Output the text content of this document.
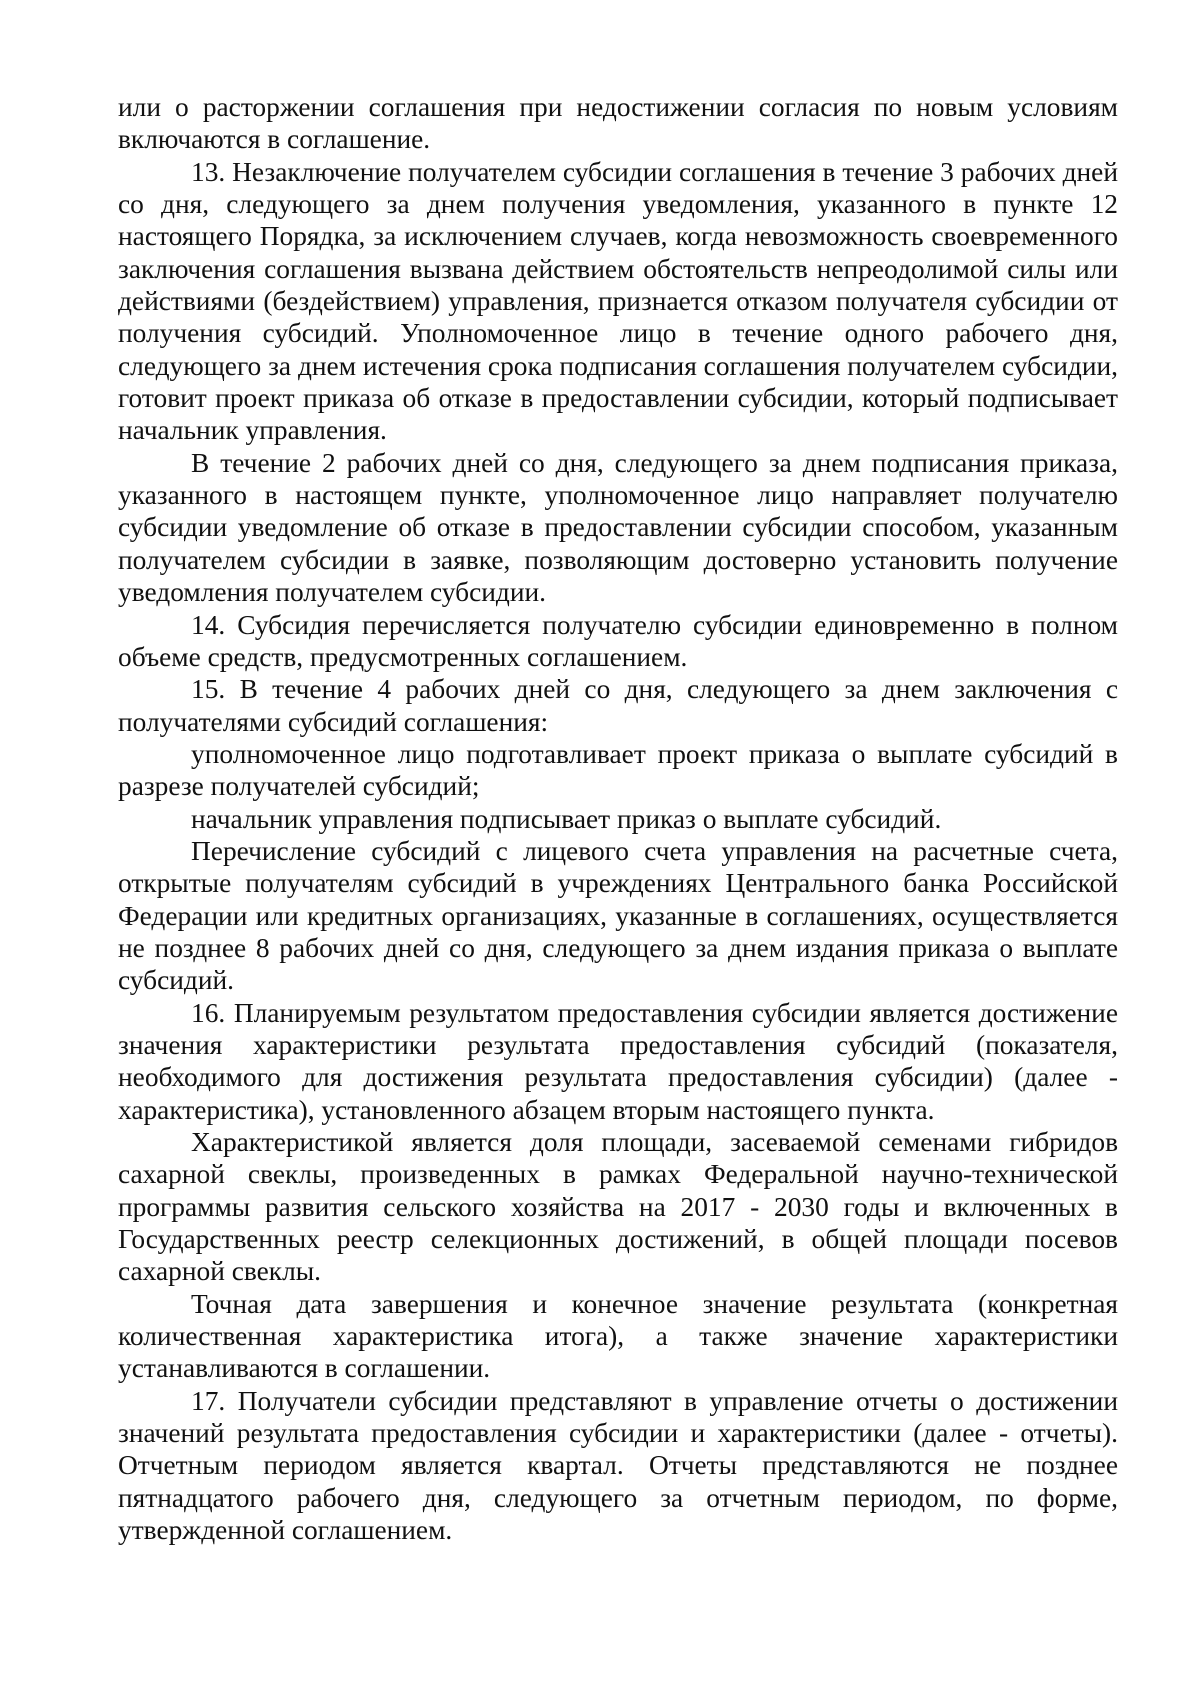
или о расторжении соглашения при недостижении согласия по новым условиям включаются в соглашение.

13. Незаключение получателем субсидии соглашения в течение 3 рабочих дней со дня, следующего за днем получения уведомления, указанного в пункте 12 настоящего Порядка, за исключением случаев, когда невозможность своевременного заключения соглашения вызвана действием обстоятельств непреодолимой силы или действиями (бездействием) управления, признается отказом получателя субсидии от получения субсидий. Уполномоченное лицо в течение одного рабочего дня, следующего за днем истечения срока подписания соглашения получателем субсидии, готовит проект приказа об отказе в предоставлении субсидии, который подписывает начальник управления.

В течение 2 рабочих дней со дня, следующего за днем подписания приказа, указанного в настоящем пункте, уполномоченное лицо направляет получателю субсидии уведомление об отказе в предоставлении субсидии способом, указанным получателем субсидии в заявке, позволяющим достоверно установить получение уведомления получателем субсидии.

14. Субсидия перечисляется получателю субсидии единовременно в полном объеме средств, предусмотренных соглашением.

15. В течение 4 рабочих дней со дня, следующего за днем заключения с получателями субсидий соглашения:

уполномоченное лицо подготавливает проект приказа о выплате субсидий в разрезе получателей субсидий;

начальник управления подписывает приказ о выплате субсидий.

Перечисление субсидий с лицевого счета управления на расчетные счета, открытые получателям субсидий в учреждениях Центрального банка Российской Федерации или кредитных организациях, указанные в соглашениях, осуществляется не позднее 8 рабочих дней со дня, следующего за днем издания приказа о выплате субсидий.

16. Планируемым результатом предоставления субсидии является достижение значения характеристики результата предоставления субсидий (показателя, необходимого для достижения результата предоставления субсидии) (далее - характеристика), установленного абзацем вторым настоящего пункта.

Характеристикой является доля площади, засеваемой семенами гибридов сахарной свеклы, произведенных в рамках Федеральной научно-технической программы развития сельского хозяйства на 2017 - 2030 годы и включенных в Государственных реестр селекционных достижений, в общей площади посевов сахарной свеклы.

Точная дата завершения и конечное значение результата (конкретная количественная характеристика итога), а также значение характеристики устанавливаются в соглашении.

17. Получатели субсидии представляют в управление отчеты о достижении значений результата предоставления субсидии и характеристики (далее - отчеты). Отчетным периодом является квартал. Отчеты представляются не позднее пятнадцатого рабочего дня, следующего за отчетным периодом, по форме, утвержденной соглашением.
